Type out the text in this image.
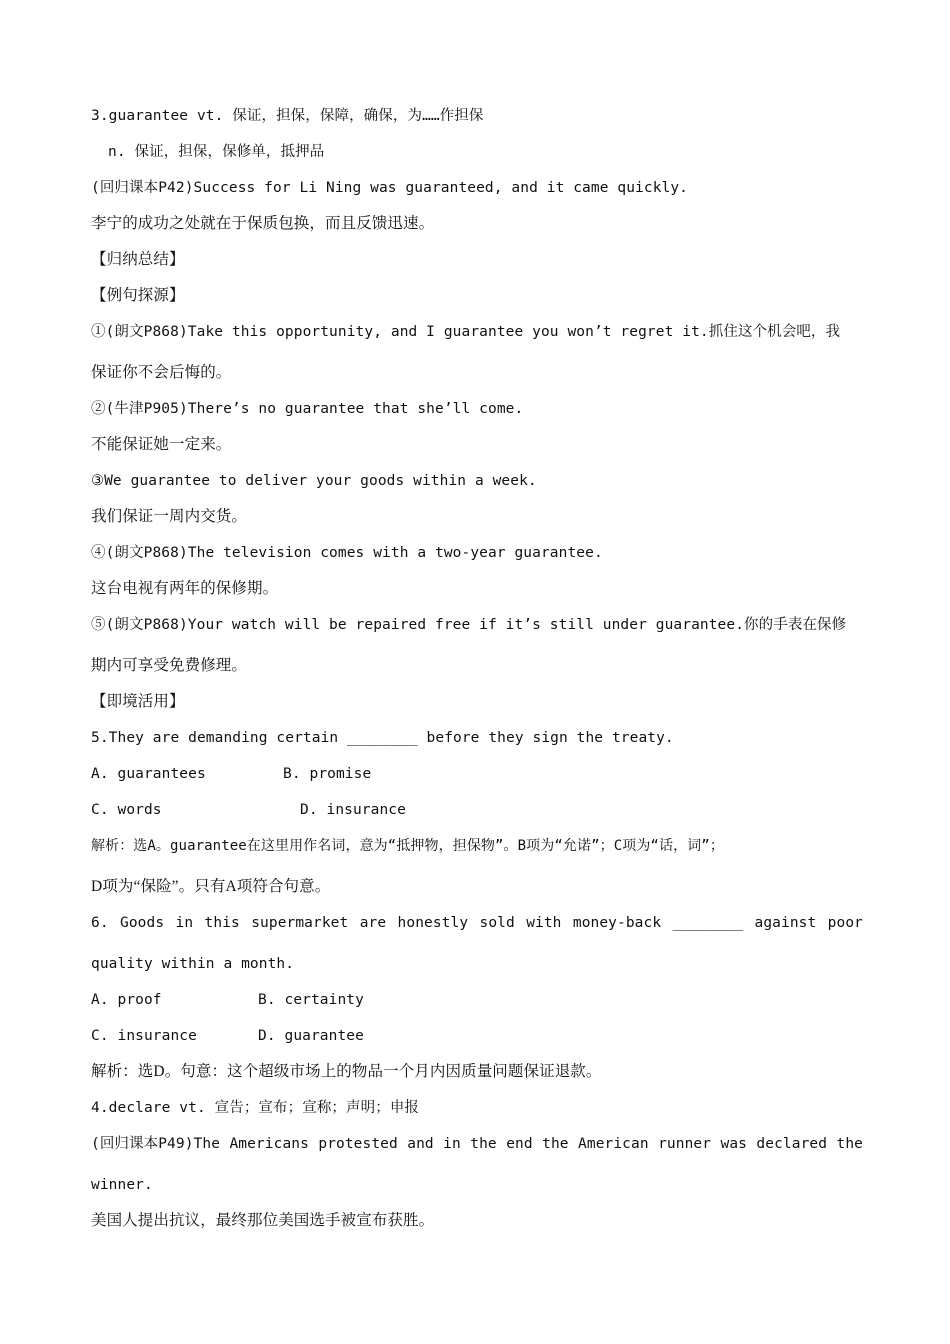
3.guarantee vt. 保证，担保，保障，确保，为……作担保
n. 保证，担保，保修单，抵押品
(回归课本P42)Success for Li Ning was guaranteed, and it came quickly.
李宁的成功之处就在于保质包换，而且反馈迅速。
【归纳总结】
【例句探源】
①(朗文P868)Take this opportunity, and I guarantee you won’t regret it.抓住这个机会吧，我
保证你不会后悔的。
②(牛津P905)There’s no guarantee that she’ll come.
不能保证她一定来。
③We guarantee to deliver your goods within a week.
我们保证一周内交货。
④(朗文P868)The television comes with a two-year guarantee.
这台电视有两年的保修期。
⑤(朗文P868)Your watch will be repaired free if it’s still under guarantee.你的手表在保修
期内可享受免费修理。
【即境活用】
5.They are demanding certain ________ before they sign the treaty.
A. guarantees	B. promise
C. words	D. insurance
解析：选A。guarantee在这里用作名词，意为“抵押物，担保物”。B项为“允诺”；C项为“话，词”；
D项为“保险”。只有A项符合句意。
6. Goods in this supermarket are honestly sold with money-back ________ against poor
quality within a month.
A. proof	B. certainty
C. insurance	D. guarantee
解析：选D。句意：这个超级市场上的物品一个月内因质量问题保证退款。
4.declare vt. 宣告；宣布；宣称；声明；申报
(回归课本P49)The Americans protested and in the end the American runner was declared the
winner.
美国人提出抗议，最终那位美国选手被宣布获胜。
